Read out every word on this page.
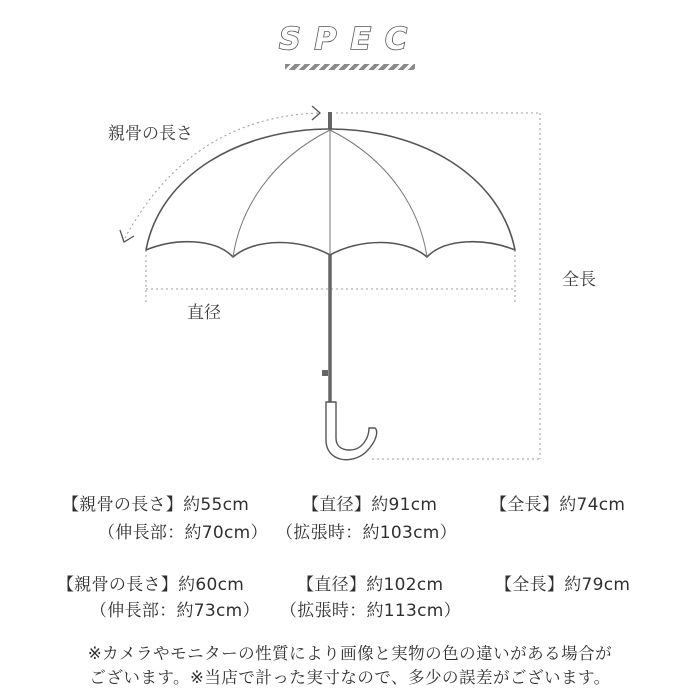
SPEC
親骨の長さ
直径
全長
【親骨の長さ】約55cm	【直径】約91cm	【全長】約74cm
（伸長部：約70cm） （拡張時：約103cm）
【親骨の長さ】約60cm	【直径】約102cm	【全長】約79cm
（伸長部：約73cm） （拡張時：約113cm）
※カメラやモニターの性質により画像と実物の色の違いがある場合が
ございます。※当店で計った実寸なので、多少の誤差がございます。
